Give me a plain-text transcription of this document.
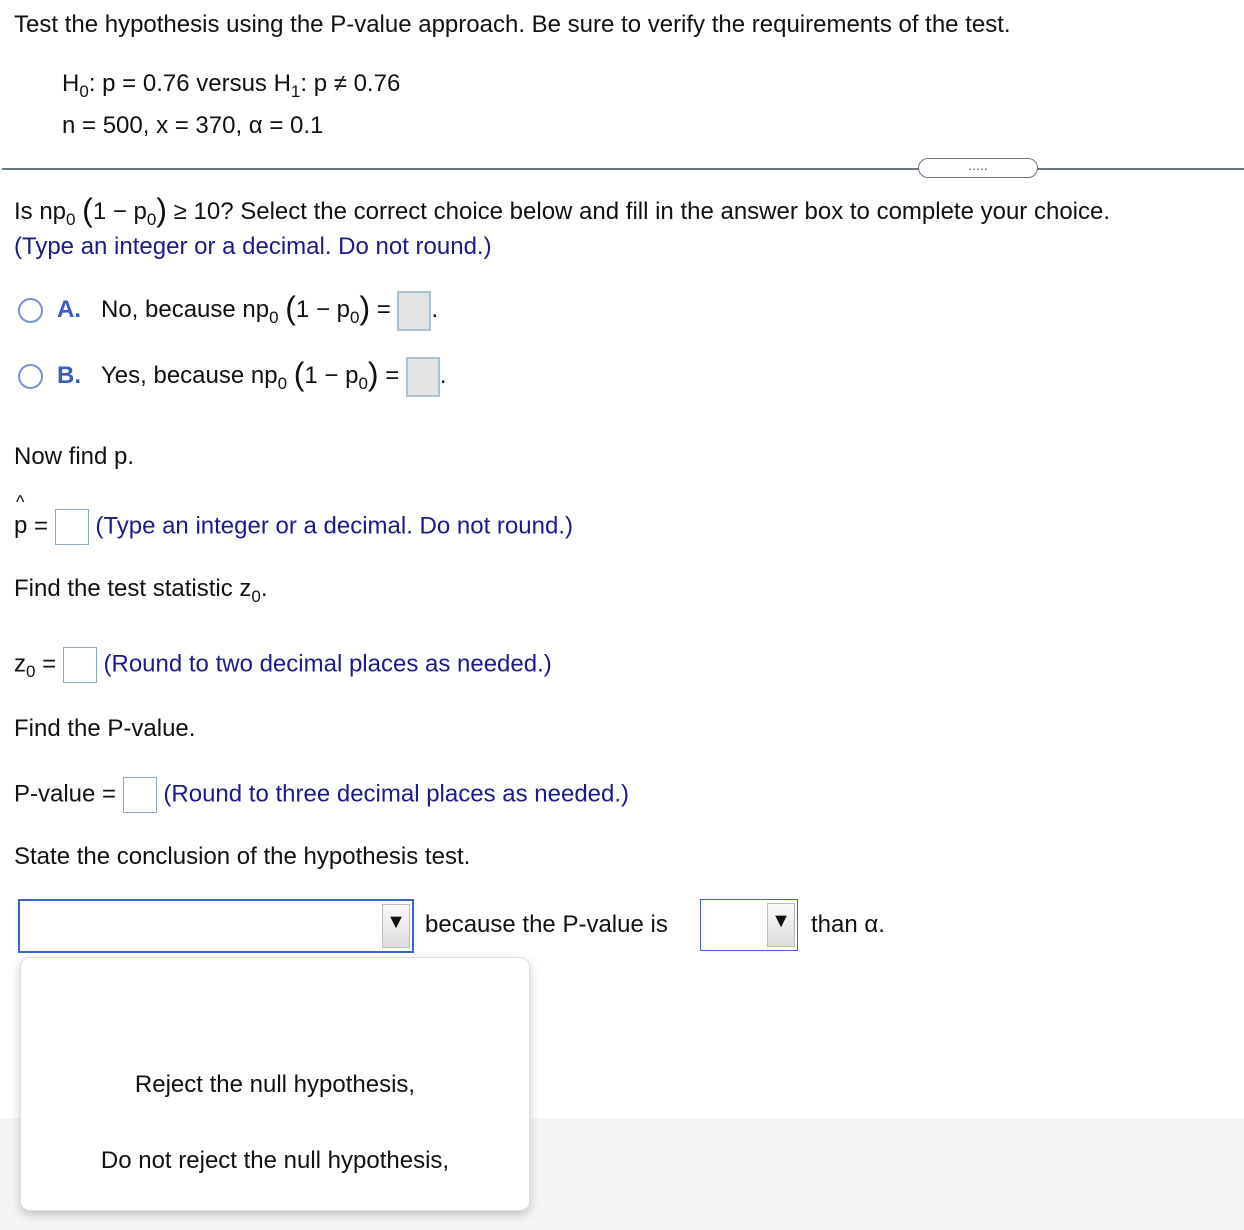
Test the hypothesis using the P-value approach. Be sure to verify the requirements of the test.
$H_0$: p = 0.76 versus $H_1$: p ≠ 0.76
n = 500, x = 370, α = 0.1
.....
Is $np_0$ $(1 - p_0) \ge 10$? Select the correct choice below and fill in the answer box to complete your choice.
(Type an integer or a decimal. Do not round.)
A. No, because $np_0$ $(1 - p_0)$ = .
B. Yes, because $np_0$ $(1 - p_0)$ = .
Now find p.
^ p = (Type an integer or a decimal. Do not round.)
Find the test statistic $z_0$.
$z_0$ = (Round to two decimal places as needed.)
Find the P-value.
P-value = (Round to three decimal places as needed.)
State the conclusion of the hypothesis test.
▼ because the P-value is	▼ than α.
Reject the null hypothesis,
Do not reject the null hypothesis,
